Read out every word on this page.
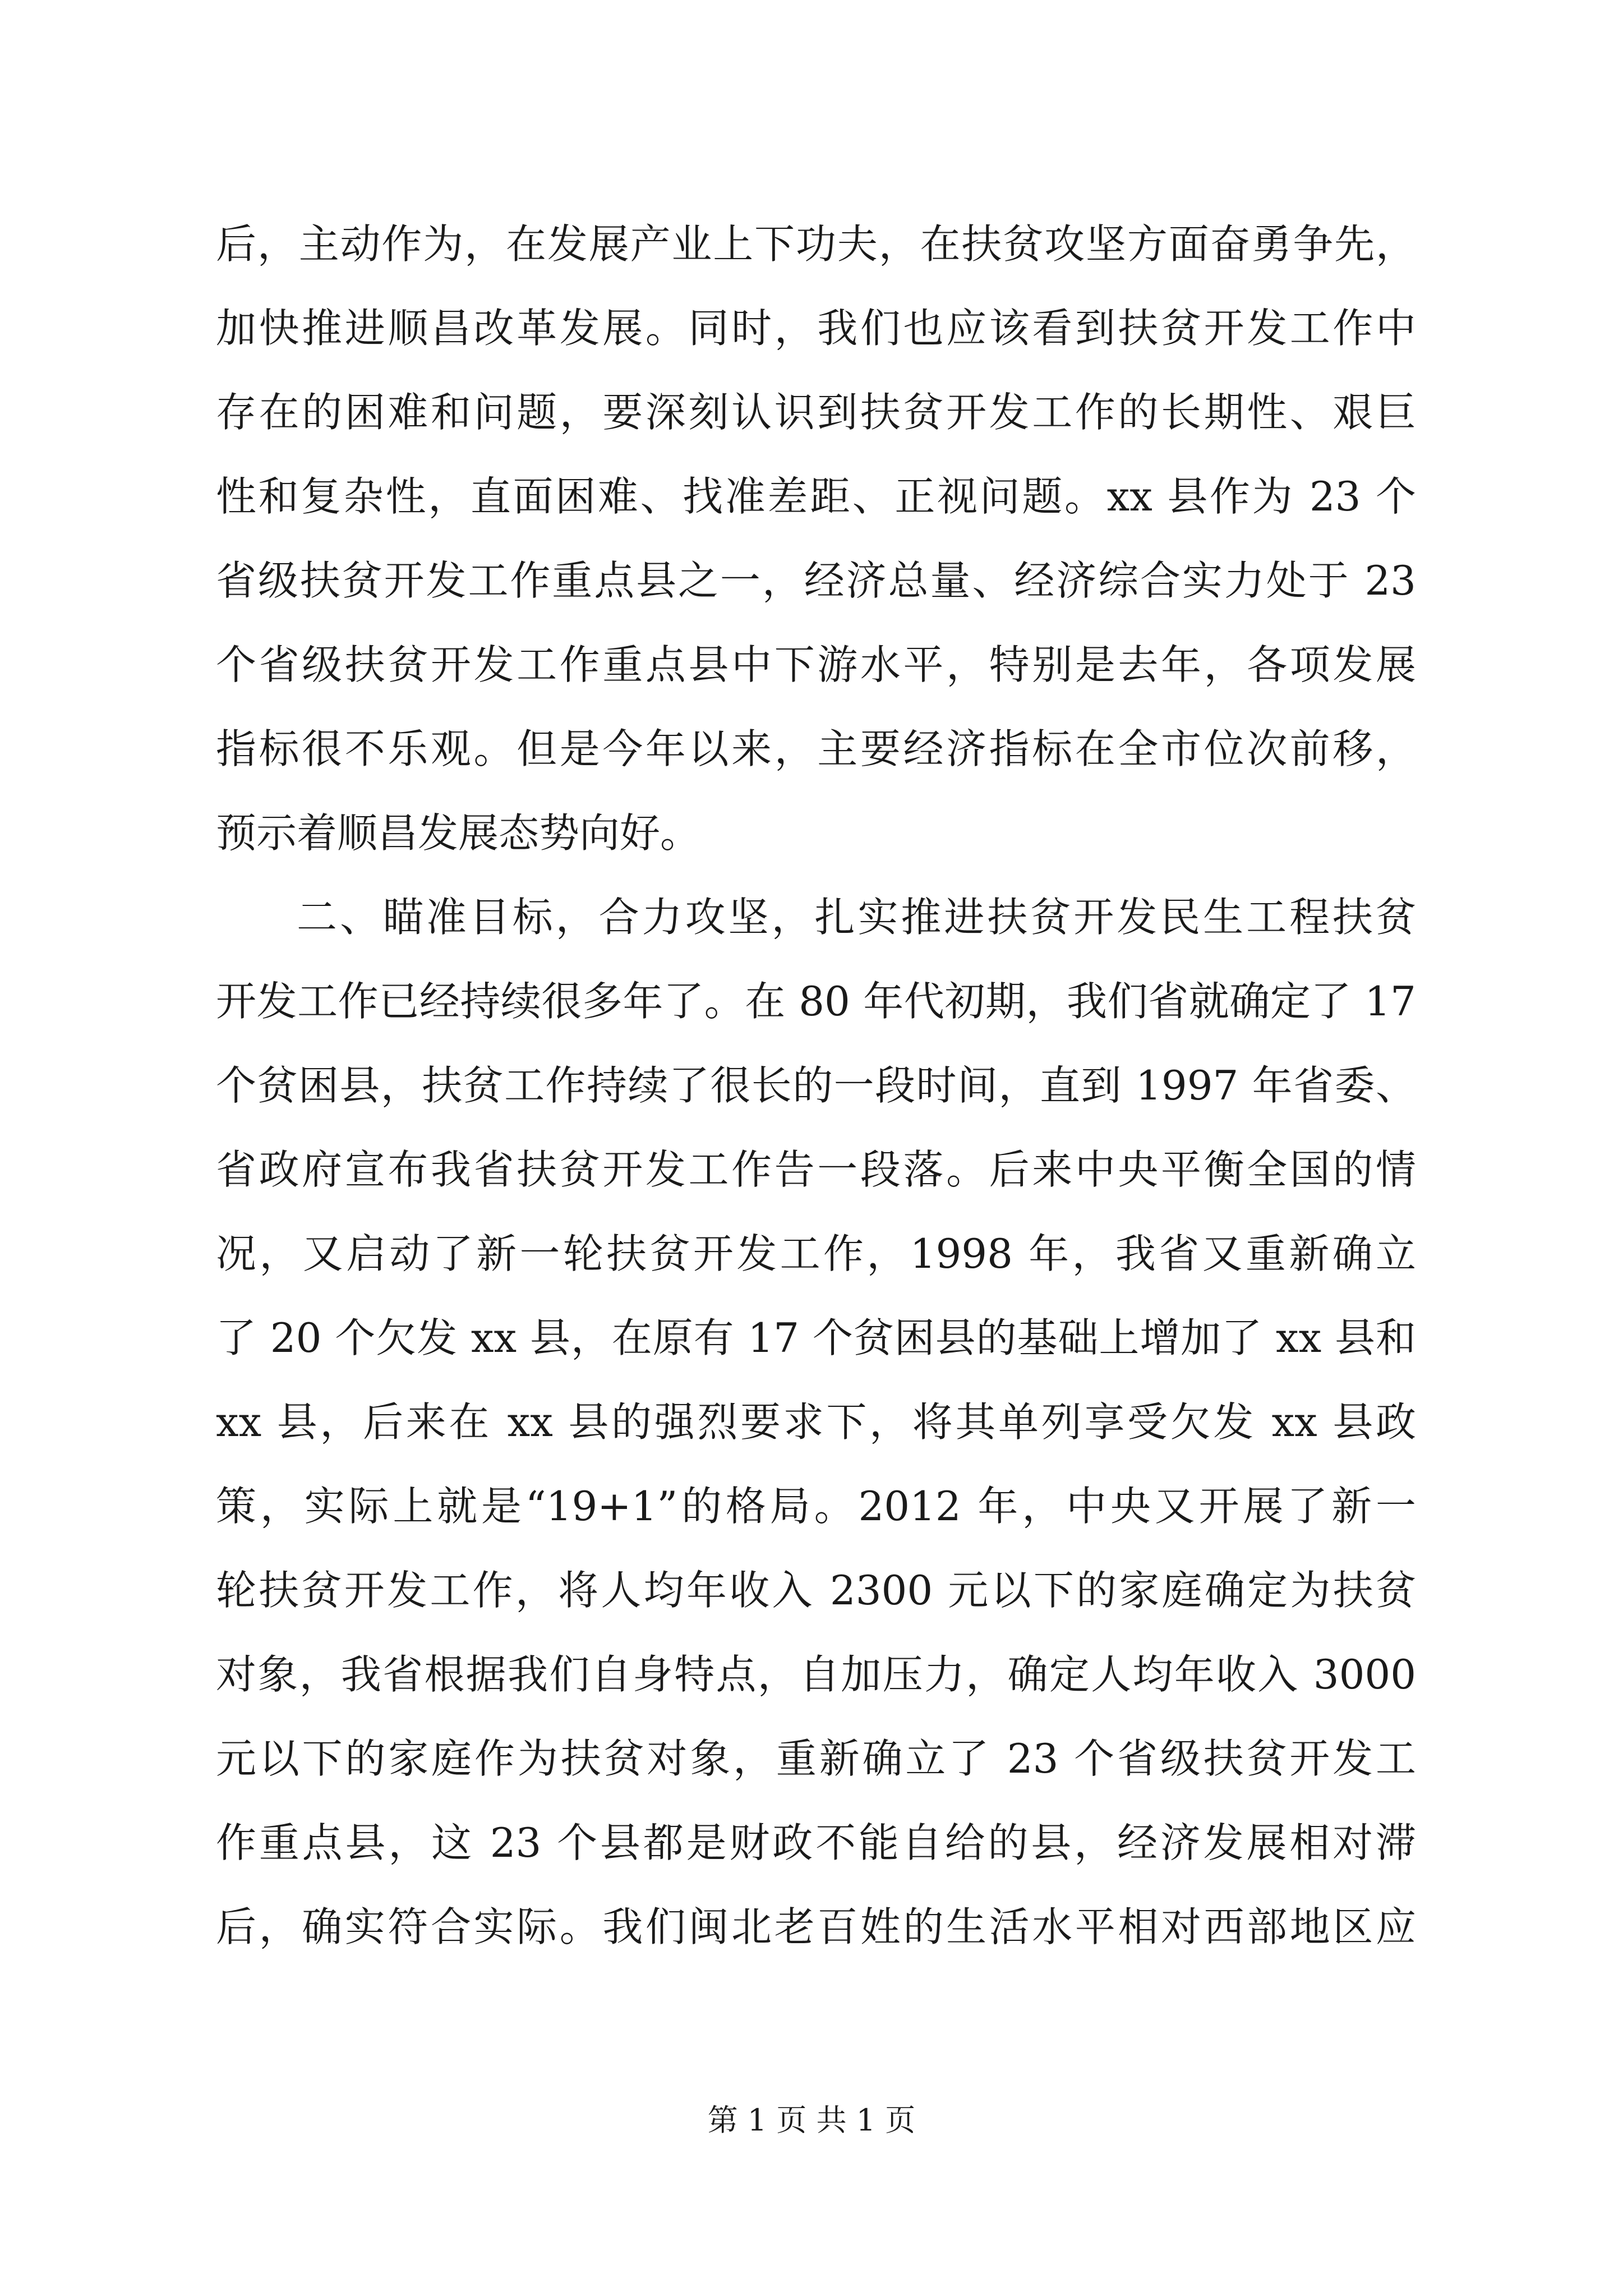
后，主动作为，在发展产业上下功夫，在扶贫攻坚方面奋勇争先，
加快推进顺昌改革发展。同时，我们也应该看到扶贫开发工作中
存在的困难和问题，要深刻认识到扶贫开发工作的长期性、艰巨
性和复杂性，直面困难、找准差距、正视问题。xx 县作为 23 个
省级扶贫开发工作重点县之一，经济总量、经济综合实力处于 23
个省级扶贫开发工作重点县中下游水平，特别是去年，各项发展
指标很不乐观。但是今年以来，主要经济指标在全市位次前移，
预示着顺昌发展态势向好。
二、瞄准目标，合力攻坚，扎实推进扶贫开发民生工程扶贫
开发工作已经持续很多年了。在 80 年代初期，我们省就确定了 17
个贫困县，扶贫工作持续了很长的一段时间，直到 1997 年省委、
省政府宣布我省扶贫开发工作告一段落。后来中央平衡全国的情
况，又启动了新一轮扶贫开发工作，1998 年，我省又重新确立
了 20 个欠发 xx 县，在原有 17 个贫困县的基础上增加了 xx 县和
xx 县，后来在 xx 县的强烈要求下，将其单列享受欠发 xx 县政
策，实际上就是“19+1”的格局。2012 年，中央又开展了新一
轮扶贫开发工作，将人均年收入 2300 元以下的家庭确定为扶贫
对象，我省根据我们自身特点，自加压力，确定人均年收入 3000
元以下的家庭作为扶贫对象，重新确立了 23 个省级扶贫开发工
作重点县，这 23 个县都是财政不能自给的县，经济发展相对滞
后，确实符合实际。我们闽北老百姓的生活水平相对西部地区应
第 1 页 共 1 页
